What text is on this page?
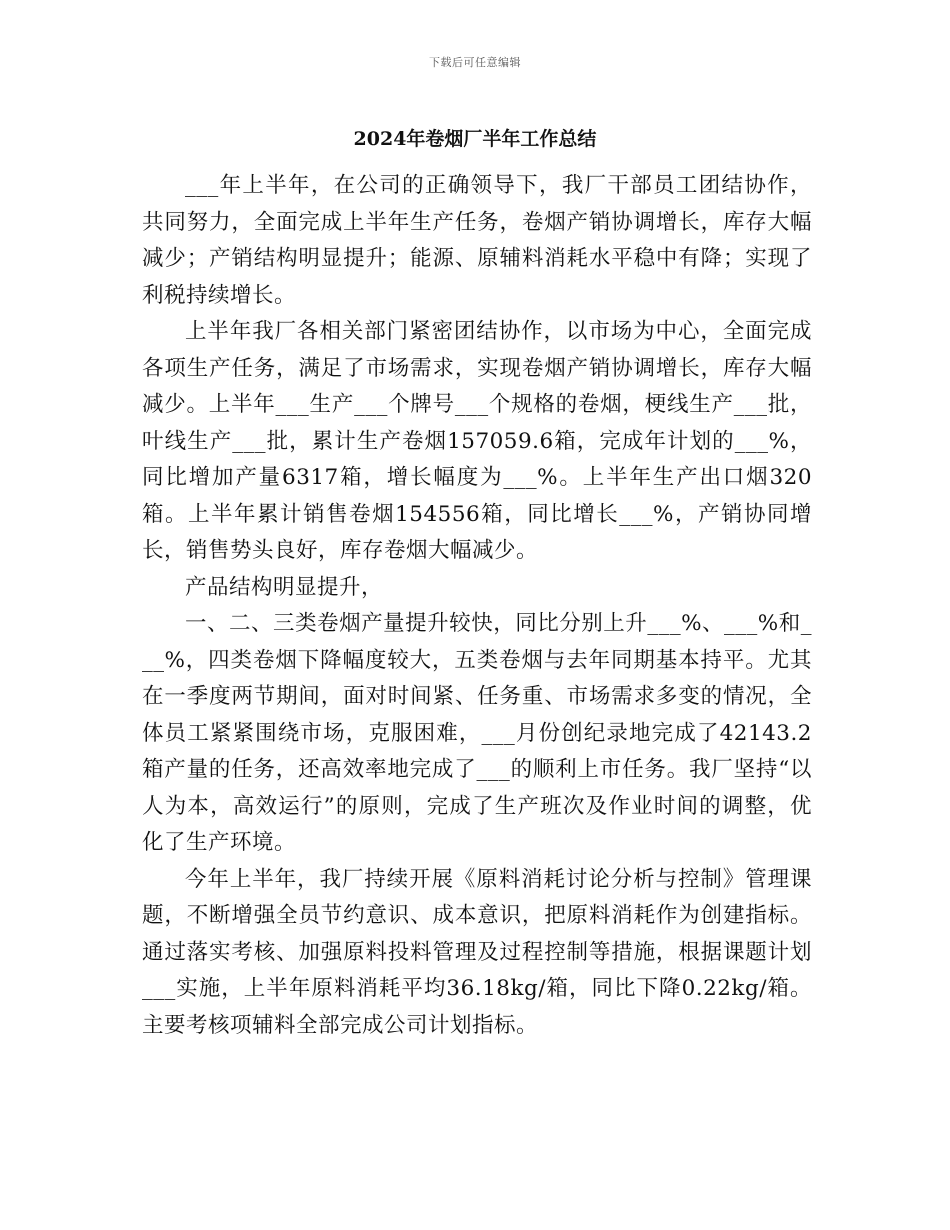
下载后可任意编辑
2024年卷烟厂半年工作总结

___年上半年，在公司的正确领导下，我厂干部员工团结协作，共同努力，全面完成上半年生产任务，卷烟产销协调增长，库存大幅减少；产销结构明显提升；能源、原辅料消耗水平稳中有降；实现了利税持续增长。

上半年我厂各相关部门紧密团结协作，以市场为中心，全面完成各项生产任务，满足了市场需求，实现卷烟产销协调增长，库存大幅减少。上半年___生产___个牌号___个规格的卷烟，梗线生产___批，叶线生产___批，累计生产卷烟157059.6箱，完成年计划的___%，同比增加产量6317箱，增长幅度为___%。上半年生产出口烟320箱。上半年累计销售卷烟154556箱，同比增长___%，产销协同增长，销售势头良好，库存卷烟大幅减少。

产品结构明显提升，

一、二、三类卷烟产量提升较快，同比分别上升___%、___%和___%，四类卷烟下降幅度较大，五类卷烟与去年同期基本持平。尤其在一季度两节期间，面对时间紧、任务重、市场需求多变的情况，全体员工紧紧围绕市场，克服困难，___月份创纪录地完成了42143.2箱产量的任务，还高效率地完成了___的顺利上市任务。我厂坚持“以人为本，高效运行”的原则，完成了生产班次及作业时间的调整，优化了生产环境。

今年上半年，我厂持续开展《原料消耗讨论分析与控制》管理课题，不断增强全员节约意识、成本意识，把原料消耗作为创建指标。通过落实考核、加强原料投料管理及过程控制等措施，根据课题计划___实施，上半年原料消耗平均36.18kg/箱，同比下降0.22kg/箱。主要考核项辅料全部完成公司计划指标。
